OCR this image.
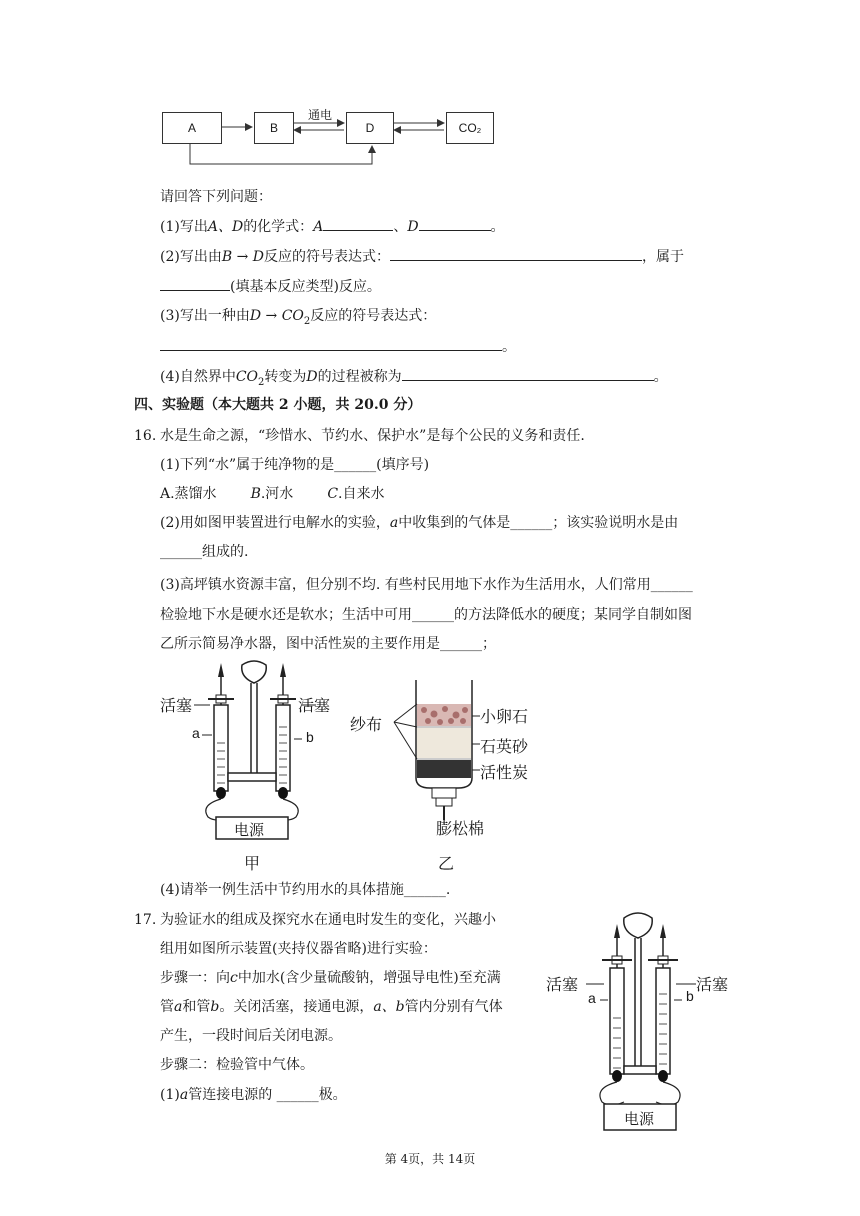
A	B	D	CO₂
通电
请回答下列问题：
(1)写出A、D的化学式：A	、D	。
(2)写出由B → D反应的符号表达式：	，属于
(填基本反应类型)反应。
(3)写出一种由$D \to CO_2$反应的符号表达式：
。
(4)自然界中$CO_2$转变为D的过程被称为	。
四、实验题（本大题共 2 小题，共 20.0 分）
16. 水是生命之源，“珍惜水、节约水、保护水”是每个公民的义务和责任.
(1)下列“水”属于纯净物的是______(填序号)
A.蒸馏水 B.河水 C.自来水
(2)用如图甲装置进行电解水的实验，a中收集到的气体是______；该实验说明水是由
______组成的.
(3)高坪镇水资源丰富，但分别不均. 有些村民用地下水作为生活用水，人们常用______
检验地下水是硬水还是软水；生活中可用______的方法降低水的硬度；某同学自制如图
乙所示简易净水器，图中活性炭的主要作用是______；
活塞	活塞
a	b
电源
甲
纱布	小卵石
石英砂
活性炭
膨松棉
乙
(4)请举一例生活中节约用水的具体措施______.
17. 为验证水的组成及探究水在通电时发生的变化，兴趣小
组用如图所示装置(夹持仪器省略)进行实验：
步骤一：向c中加水(含少量硫酸钠，增强导电性)至充满
管a和管b。关闭活塞，接通电源，a、b管内分别有气体
产生，一段时间后关闭电源。
步骤二：检验管中气体。
(1)a管连接电源的 ______极。
活塞	活塞
a	b
电源
第 4页，共 14页
